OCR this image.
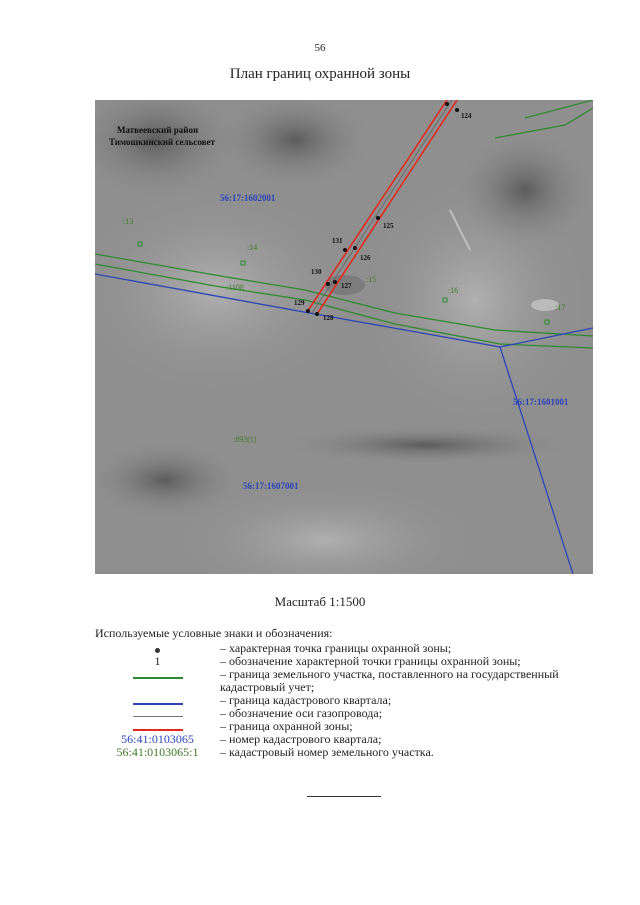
56
План границ охранной зоны
Матвеевский район
Тимошкинский сельсовет
56:17:1602001
56:17:1601001
56:17:1607001
:13
:14
:15
:16
:17
:1108
:893(1)
124
125
126
127
128
129
130
131
Масштаб 1:1500
Используемые условные знаки и обозначения:
– характерная точка границы охранной зоны;
1	– обозначение характерной точки границы охранной зоны;
– граница земельного участка, поставленного на государственный кадастровый учет;
– граница кадастрового квартала;
– обозначение оси газопровода;
– граница охранной зоны;
56:41:0103065 – номер кадастрового квартала;
56:41:0103065:1 – кадастровый номер земельного участка.
